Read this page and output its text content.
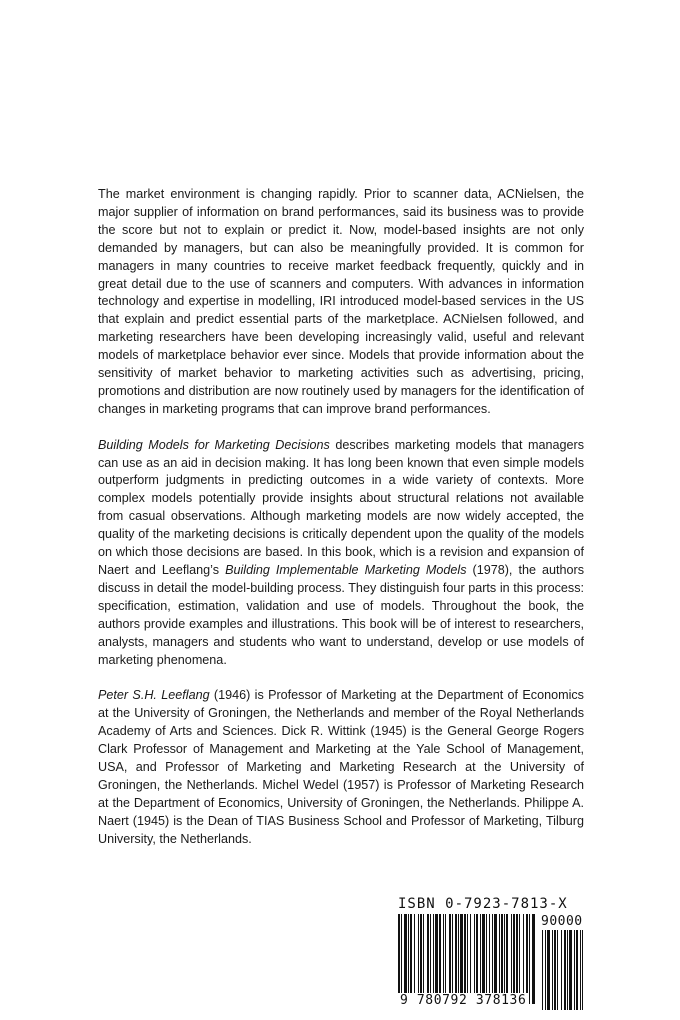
The market environment is changing rapidly. Prior to scanner data, ACNielsen, the major supplier of information on brand performances, said its business was to provide the score but not to explain or predict it. Now, model-based insights are not only demanded by managers, but can also be meaningfully provided. It is common for managers in many countries to receive market feedback frequently, quickly and in great detail due to the use of scanners and computers. With advances in information technology and expertise in modelling, IRI introduced model-based services in the US that explain and predict essential parts of the marketplace. ACNielsen followed, and marketing researchers have been developing increasingly valid, useful and relevant models of marketplace behavior ever since. Models that provide information about the sensitivity of market behavior to marketing activities such as advertising, pricing, promotions and distribution are now routinely used by managers for the identification of changes in marketing programs that can improve brand performances.

Building Models for Marketing Decisions describes marketing models that managers can use as an aid in decision making. It has long been known that even simple models outperform judgments in predicting outcomes in a wide variety of contexts. More complex models potentially provide insights about structural relations not available from casual observations. Although marketing models are now widely accepted, the quality of the marketing decisions is critically dependent upon the quality of the models on which those decisions are based. In this book, which is a revision and expansion of Naert and Leeflang’s Building Implementable Marketing Models (1978), the authors discuss in detail the model-building process. They distinguish four parts in this process: specification, estimation, validation and use of models. Throughout the book, the authors provide examples and illustrations. This book will be of interest to researchers, analysts, managers and students who want to understand, develop or use models of marketing phenomena.

Peter S.H. Leeflang (1946) is Professor of Marketing at the Department of Economics at the University of Groningen, the Netherlands and member of the Royal Netherlands Academy of Arts and Sciences. Dick R. Wittink (1945) is the General George Rogers Clark Professor of Management and Marketing at the Yale School of Management, USA, and Professor of Marketing and Marketing Research at the University of Groningen, the Netherlands. Michel Wedel (1957) is Professor of Marketing Research at the Department of Economics, University of Groningen, the Netherlands. Philippe A. Naert (1945) is the Dean of TIAS Business School and Professor of Marketing, Tilburg University, the Netherlands.

ISBN 0-7923-7813-X
90000
9 780792 378136
